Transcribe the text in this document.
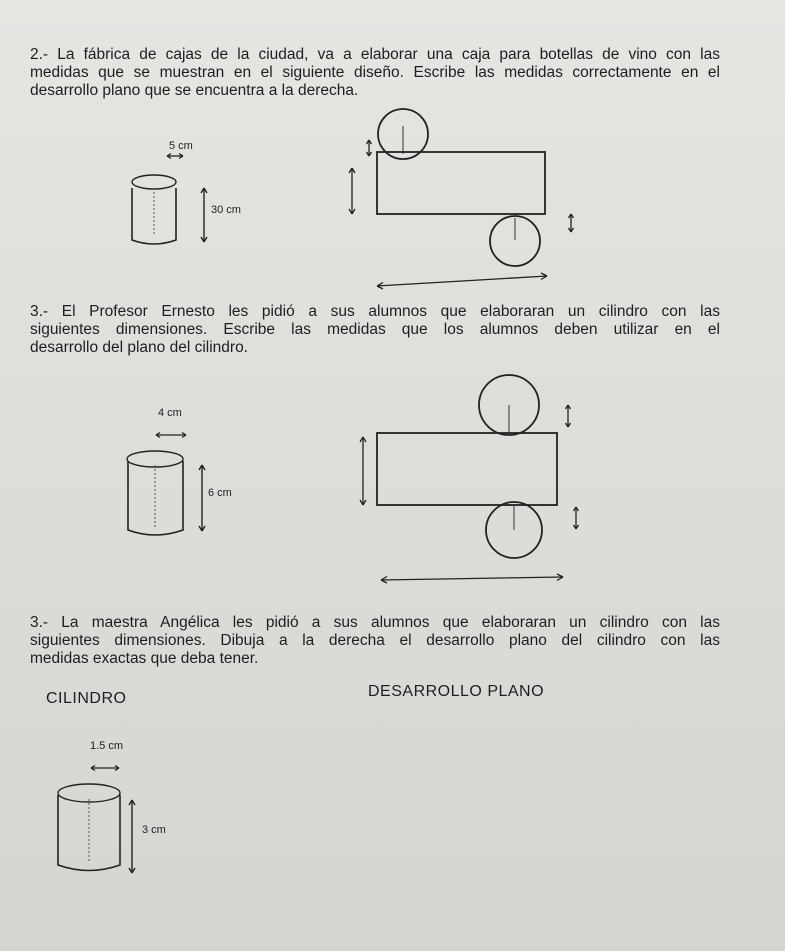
2.- La fábrica de cajas de la ciudad, va a elaborar una caja para botellas de vino con las
medidas que se muestran en el siguiente diseño. Escribe las medidas correctamente en el
desarrollo plano que se encuentra a la derecha.
5 cm
30 cm
3.- El Profesor Ernesto les pidió a sus alumnos que elaboraran un cilindro con las
siguientes dimensiones. Escribe las medidas que los alumnos deben utilizar en el
desarrollo del plano del cilindro.
4 cm
6 cm
3.- La maestra Angélica les pidió a sus alumnos que elaboraran un cilindro con las
siguientes dimensiones. Dibuja a la derecha el desarrollo plano del cilindro con las
medidas exactas que deba tener.
CILINDRO	DESARROLLO PLANO
1.5 cm
3 cm
